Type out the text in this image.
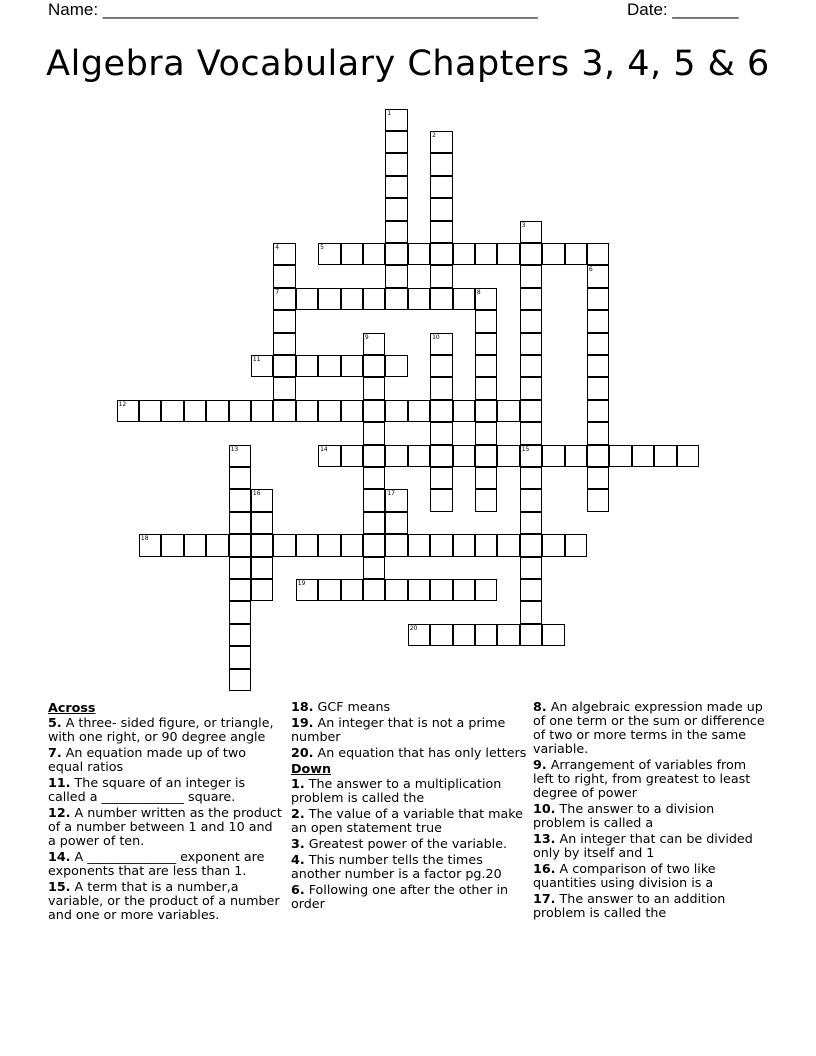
Name: ______________________________________________	Date: _______
Algebra Vocabulary Chapters 3, 4, 5 & 6
1
2
3
15
4
7
5
6
8
9	10
11
12
13	14
16	17
18
19
20
Across
5. A three- sided figure, or triangle, with one right, or 90 degree angle
7. An equation made up of two equal ratios
11. The square of an integer is called a _____________ square.
12. A number written as the product of a number between 1 and 10 and a power of ten.
14. A ______________ exponent are exponents that are less than 1.
15. A term that is a number,a variable, or the product of a number and one or more variables.
18. GCF means
19. An integer that is not a prime number
20. An equation that has only letters
Down
1. The answer to a multiplication problem is called the
2. The value of a variable that make an open statement true
3. Greatest power of the variable.
4. This number tells the times another number is a factor pg.20
6. Following one after the other in order
8. An algebraic expression made up of one term or the sum or difference of two or more terms in the same variable.
9. Arrangement of variables from left to right, from greatest to least degree of power
10. The answer to a division problem is called a
13. An integer that can be divided only by itself and 1
16. A comparison of two like quantities using division is a
17. The answer to an addition problem is called the
